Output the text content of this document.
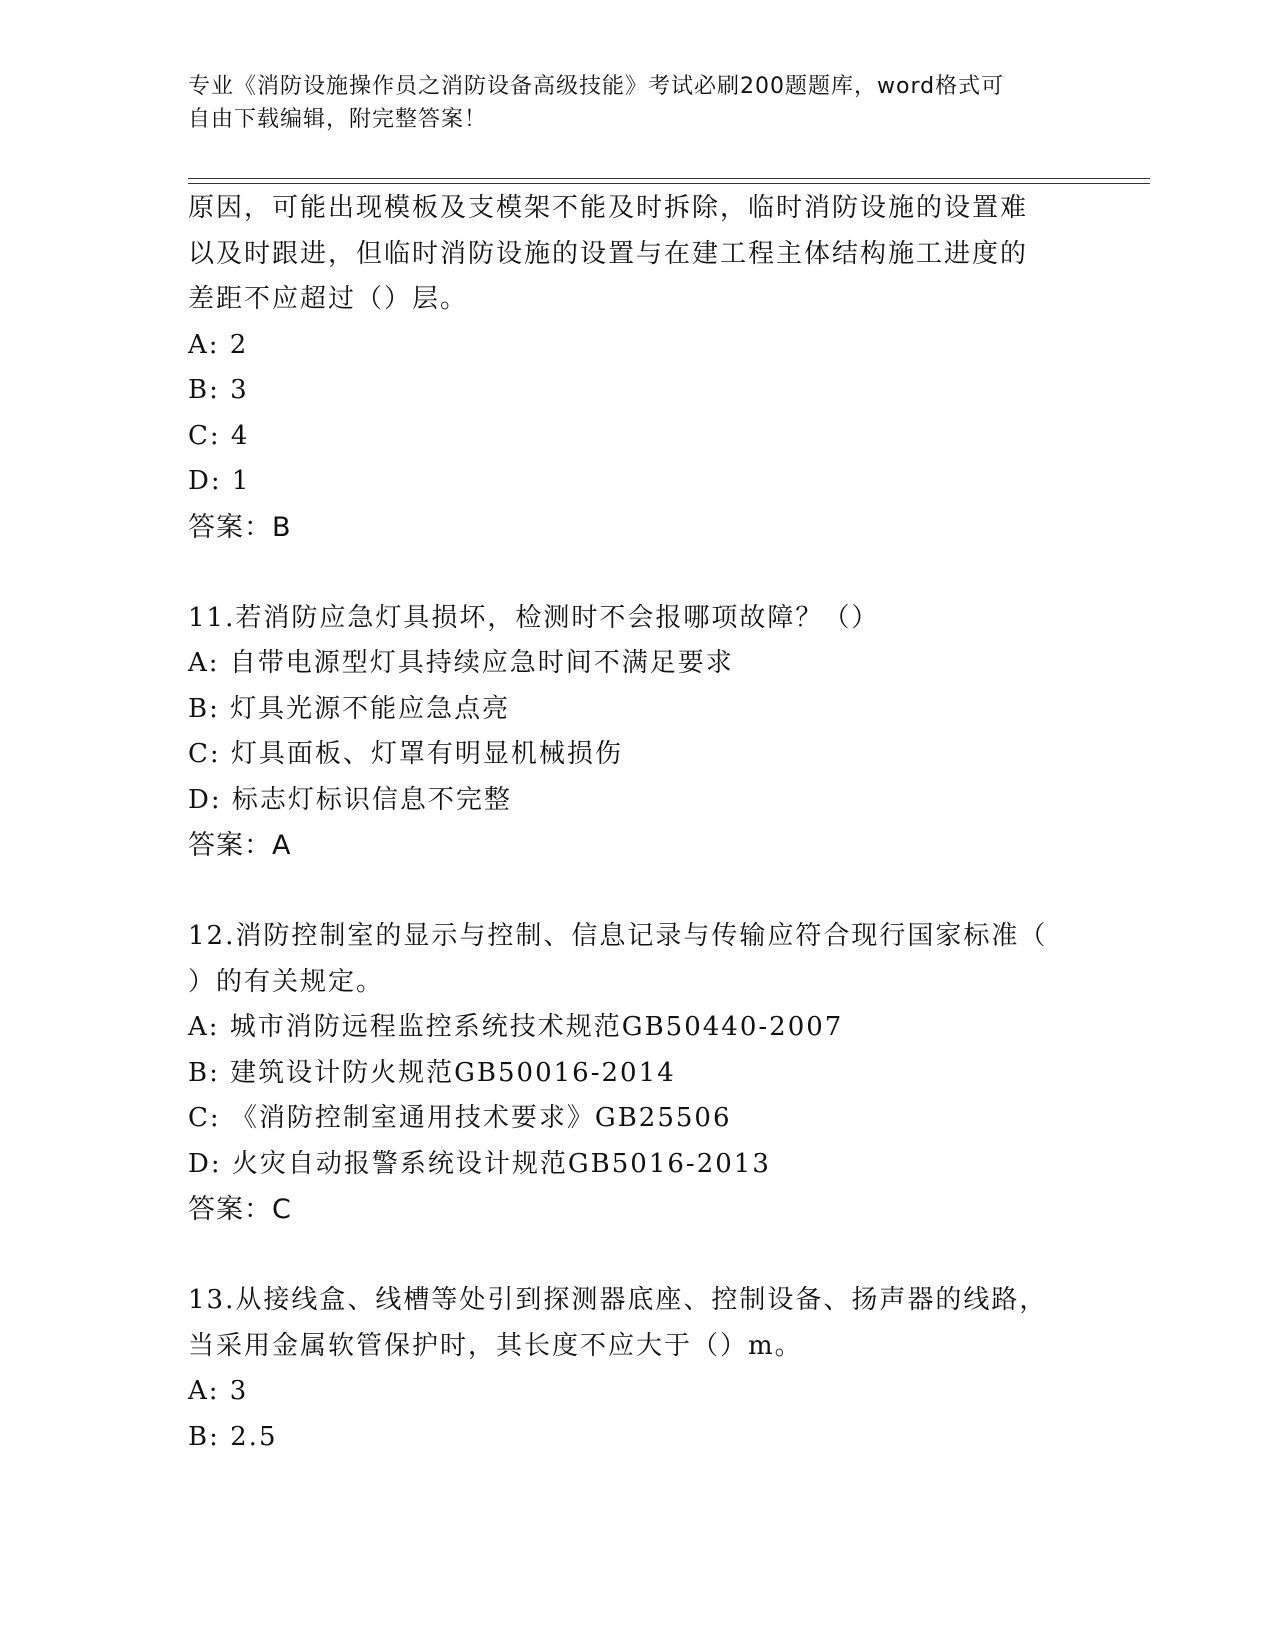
专业《消防设施操作员之消防设备高级技能》考试必刷200题题库，word格式可
自由下载编辑，附完整答案！
原因，可能出现模板及支模架不能及时拆除，临时消防设施的设置难
以及时跟进，但临时消防设施的设置与在建工程主体结构施工进度的
差距不应超过（）层。
A: 2
B: 3
C: 4
D: 1
答案：B
11.若消防应急灯具损坏，检测时不会报哪项故障？（）
A: 自带电源型灯具持续应急时间不满足要求
B: 灯具光源不能应急点亮
C: 灯具面板、灯罩有明显机械损伤
D: 标志灯标识信息不完整
答案：A
12.消防控制室的显示与控制、信息记录与传输应符合现行国家标准（
）的有关规定。
A: 城市消防远程监控系统技术规范GB50440-2007
B: 建筑设计防火规范GB50016-2014
C: 《消防控制室通用技术要求》GB25506
D: 火灾自动报警系统设计规范GB5016-2013
答案：C
13.从接线盒、线槽等处引到探测器底座、控制设备、扬声器的线路，
当采用金属软管保护时，其长度不应大于（）m。
A: 3
B: 2.5
